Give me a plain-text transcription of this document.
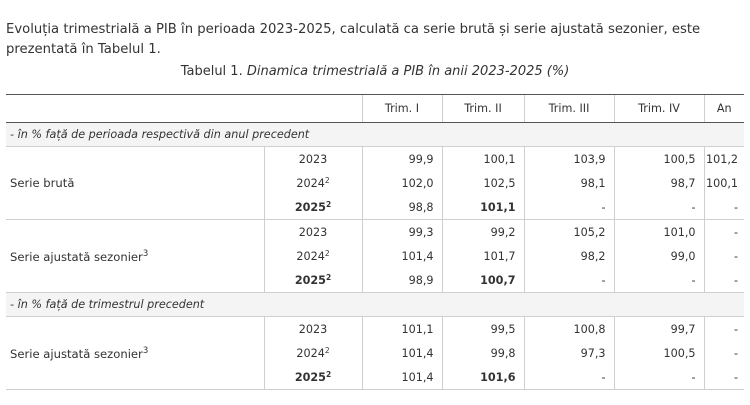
Evoluția trimestrială a PIB în perioada 2023-2025, calculată ca serie brută și serie ajustată sezonier, este prezentată în Tabelul 1.

Tabelul 1. Dinamica trimestrială a PIB în anii 2023-2025 (%)
		Trim. I	Trim. II	Trim. III	Trim. IV	An
- în % față de perioada respectivă din anul precedent						
Serie brută	2023	99,9	100,1	103,9	100,5	101,2
	2024$^2$	102,0	102,5	98,1	98,7	100,1
	2025$^2$	98,8	101,1	-	-	-
Serie ajustată sezonier$^3$	2023	99,3	99,2	105,2	101,0	-
	2024$^2$	101,4	101,7	98,2	99,0	-
	2025$^2$	98,9	100,7	-	-	-
- în % față de trimestrul precedent						
Serie ajustată sezonier$^3$	2023	101,1	99,5	100,8	99,7	-
	2024$^2$	101,4	99,8	97,3	100,5	-
	2025$^2$	101,4	101,6	-	-	-
